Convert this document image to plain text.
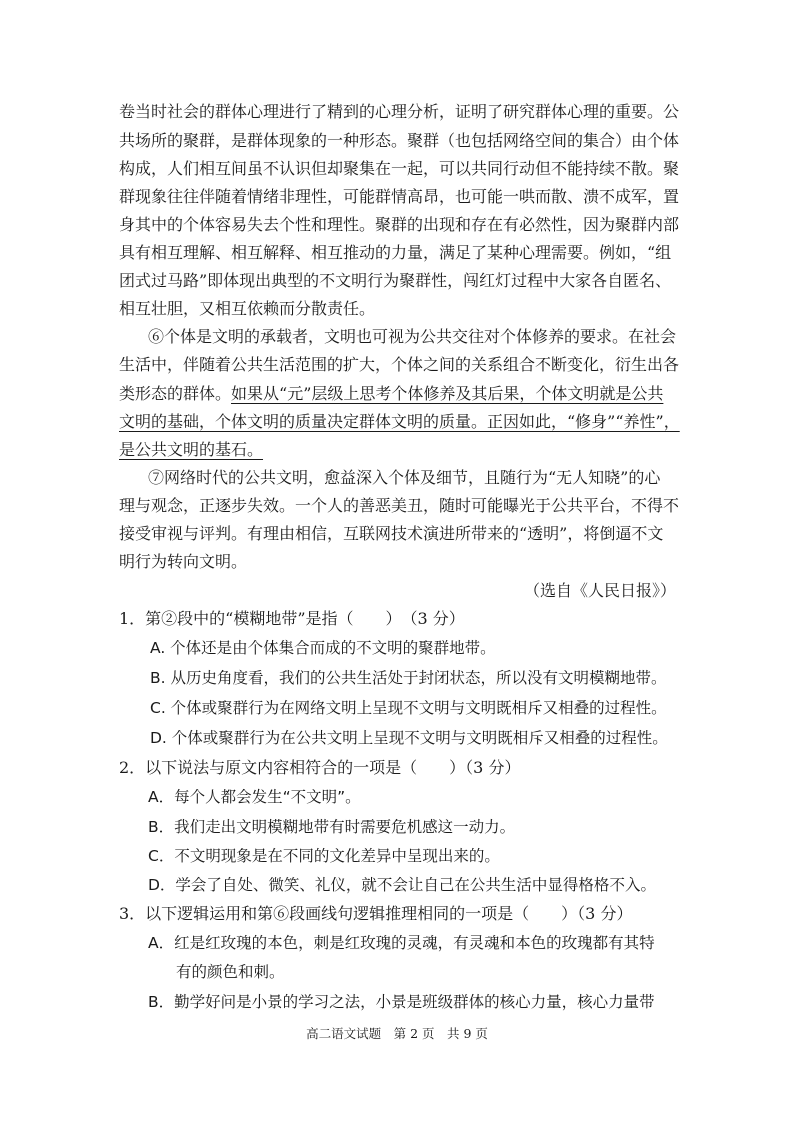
卷当时社会的群体心理进行了精到的心理分析，证明了研究群体心理的重要。公
共场所的聚群，是群体现象的一种形态。聚群（也包括网络空间的集合）由个体
构成，人们相互间虽不认识但却聚集在一起，可以共同行动但不能持续不散。聚
群现象往往伴随着情绪非理性，可能群情高昂，也可能一哄而散、溃不成军，置
身其中的个体容易失去个性和理性。聚群的出现和存在有必然性，因为聚群内部
具有相互理解、相互解释、相互推动的力量，满足了某种心理需要。例如，“组
团式过马路”即体现出典型的不文明行为聚群性，闯红灯过程中大家各自匿名、
相互壮胆，又相互依赖而分散责任。
⑥个体是文明的承载者，文明也可视为公共交往对个体修养的要求。在社会
生活中，伴随着公共生活范围的扩大，个体之间的关系组合不断变化，衍生出各
类形态的群体。如果从“元”层级上思考个体修养及其后果，个体文明就是公共
文明的基础，个体文明的质量决定群体文明的质量。正因如此，“修身”“养性”，
是公共文明的基石。
⑦网络时代的公共文明，愈益深入个体及细节，且随行为“无人知晓”的心
理与观念，正逐步失效。一个人的善恶美丑，随时可能曝光于公共平台，不得不
接受审视与评判。有理由相信，互联网技术演进所带来的“透明”，将倒逼不文
明行为转向文明。
（选自《人民日报》）
1．第②段中的“模糊地带”是指（　　）　（3 分）
A. 个体还是由个体集合而成的不文明的聚群地带。
B. 从历史角度看，我们的公共生活处于封闭状态，所以没有文明模糊地带。
C. 个体或聚群行为在网络文明上呈现不文明与文明既相斥又相叠的过程性。
D. 个体或聚群行为在公共文明上呈现不文明与文明既相斥又相叠的过程性。
2．以下说法与原文内容相符合的一项是（　　）（3 分）
A．每个人都会发生“不文明”。
B．我们走出文明模糊地带有时需要危机感这一动力。
C．不文明现象是在不同的文化差异中呈现出来的。
D．学会了自处、微笑、礼仪，就不会让自己在公共生活中显得格格不入。
3．以下逻辑运用和第⑥段画线句逻辑推理相同的一项是（　　）（3 分）
A．红是红玫瑰的本色，刺是红玫瑰的灵魂，有灵魂和本色的玫瑰都有其特
有的颜色和刺。
B．勤学好问是小景的学习之法，小景是班级群体的核心力量，核心力量带
高二语文试题　第 2 页　共 9 页
